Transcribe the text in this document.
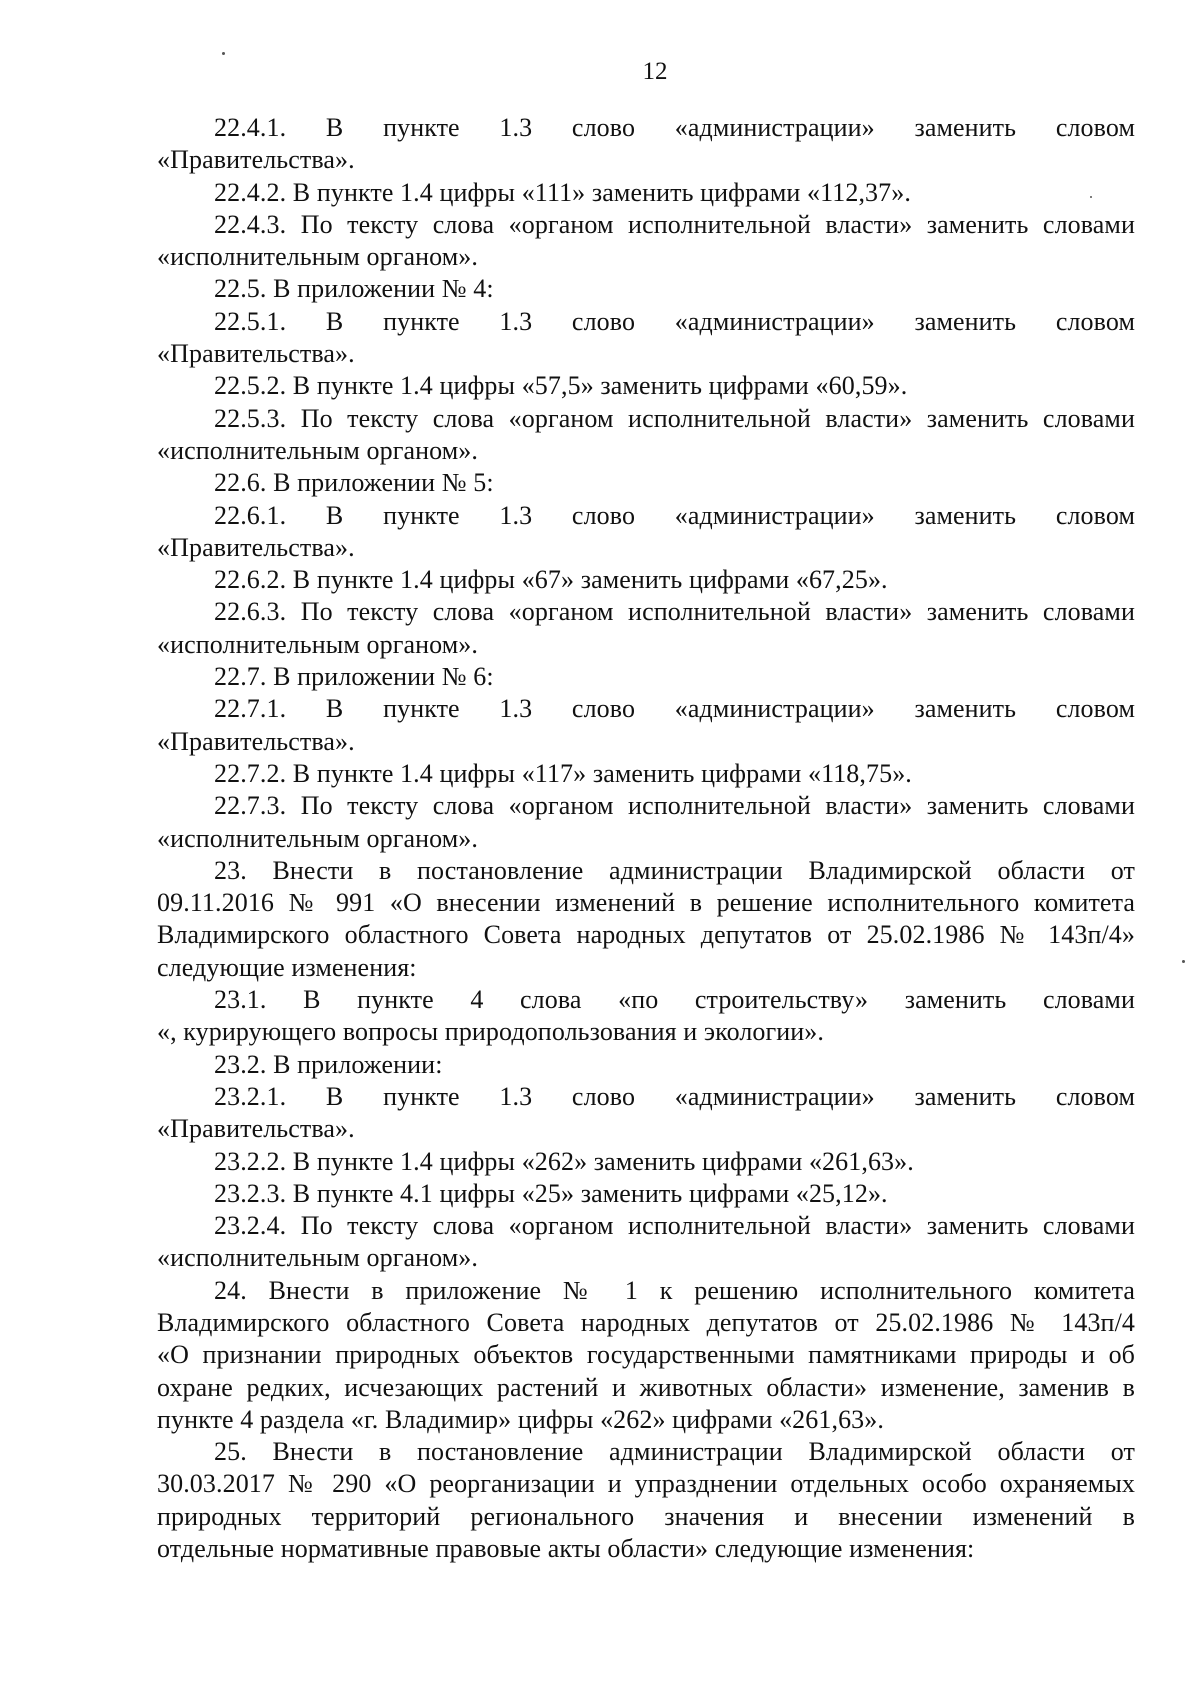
12
22.4.1. В пункте 1.3 слово «администрации» заменить словом
«Правительства».
22.4.2. В пункте 1.4 цифры «111» заменить цифрами «112,37».
22.4.3. По тексту слова «органом исполнительной власти» заменить словами
«исполнительным органом».
22.5. В приложении № 4:
22.5.1. В пункте 1.3 слово «администрации» заменить словом
«Правительства».
22.5.2. В пункте 1.4 цифры «57,5» заменить цифрами «60,59».
22.5.3. По тексту слова «органом исполнительной власти» заменить словами
«исполнительным органом».
22.6. В приложении № 5:
22.6.1. В пункте 1.3 слово «администрации» заменить словом
«Правительства».
22.6.2. В пункте 1.4 цифры «67» заменить цифрами «67,25».
22.6.3. По тексту слова «органом исполнительной власти» заменить словами
«исполнительным органом».
22.7. В приложении № 6:
22.7.1. В пункте 1.3 слово «администрации» заменить словом
«Правительства».
22.7.2. В пункте 1.4 цифры «117» заменить цифрами «118,75».
22.7.3. По тексту слова «органом исполнительной власти» заменить словами
«исполнительным органом».
23. Внести в постановление администрации Владимирской области от
09.11.2016 № 991 «О внесении изменений в решение исполнительного комитета
Владимирского областного Совета народных депутатов от 25.02.1986 № 143п/4»
следующие изменения:
23.1. В пункте 4 слова «по строительству» заменить словами
«, курирующего вопросы природопользования и экологии».
23.2. В приложении:
23.2.1. В пункте 1.3 слово «администрации» заменить словом
«Правительства».
23.2.2. В пункте 1.4 цифры «262» заменить цифрами «261,63».
23.2.3. В пункте 4.1 цифры «25» заменить цифрами «25,12».
23.2.4. По тексту слова «органом исполнительной власти» заменить словами
«исполнительным органом».
24. Внести в приложение № 1 к решению исполнительного комитета
Владимирского областного Совета народных депутатов от 25.02.1986 № 143п/4
«О признании природных объектов государственными памятниками природы и об
охране редких, исчезающих растений и животных области» изменение, заменив в
пункте 4 раздела «г. Владимир» цифры «262» цифрами «261,63».
25. Внести в постановление администрации Владимирской области от
30.03.2017 № 290 «О реорганизации и упразднении отдельных особо охраняемых
природных территорий регионального значения и внесении изменений в
отдельные нормативные правовые акты области» следующие изменения:
